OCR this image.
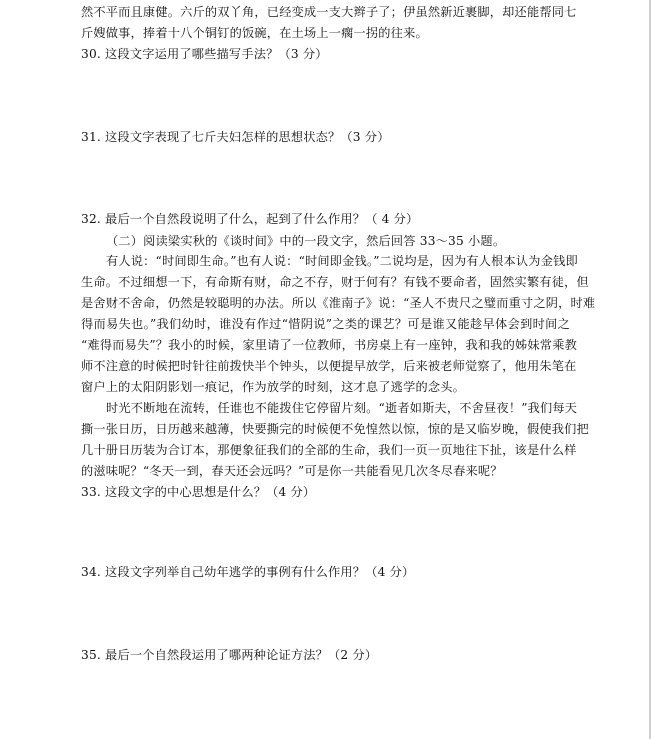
然不平而且康健。六斤的双丫角，已经变成一支大辫子了；伊虽然新近裹脚，却还能帮同七
斤嫂做事，捧着十八个铜钉的饭碗，在土场上一瘸一拐的往来。
30. 这段文字运用了哪些描写手法？（3 分）
31. 这段文字表现了七斤夫妇怎样的思想状态？（3 分）
32. 最后一个自然段说明了什么，起到了什么作用？（ 4 分）
（二）阅读梁实秋的《谈时间》中的一段文字，然后回答 33～35 小题。
有人说：“时间即生命。”也有人说：“时间即金钱。”二说均是，因为有人根本认为金钱即
生命。不过细想一下，有命斯有财，命之不存，财于何有？有钱不要命者，固然实繁有徒，但
是舍财不舍命，仍然是较聪明的办法。所以《淮南子》说：“圣人不贵尺之璧而重寸之阴，时难
得而易失也。”我们幼时，谁没有作过“惜阴说”之类的课艺？可是谁又能趁早体会到时间之
“难得而易失”？我小的时候，家里请了一位教师，书房桌上有一座钟，我和我的姊妹常乘教
师不注意的时候把时针往前拨快半个钟头，以便提早放学，后来被老师觉察了，他用朱笔在
窗户上的太阳阴影划一痕记，作为放学的时刻，这才息了逃学的念头。
时光不断地在流转，任谁也不能拨住它停留片刻。“逝者如斯夫，不舍昼夜！”我们每天
撕一张日历，日历越来越薄，快要撕完的时候便不免惶然以惊，惊的是又临岁晚，假使我们把
几十册日历装为合订本，那便象征我们的全部的生命，我们一页一页地往下扯，该是什么样
的滋味呢？“冬天一到，春天还会远吗？”可是你一共能看见几次冬尽春来呢？
33. 这段文字的中心思想是什么？（4 分）
34. 这段文字列举自己幼年逃学的事例有什么作用？（4 分）
35. 最后一个自然段运用了哪两种论证方法？（2 分）
